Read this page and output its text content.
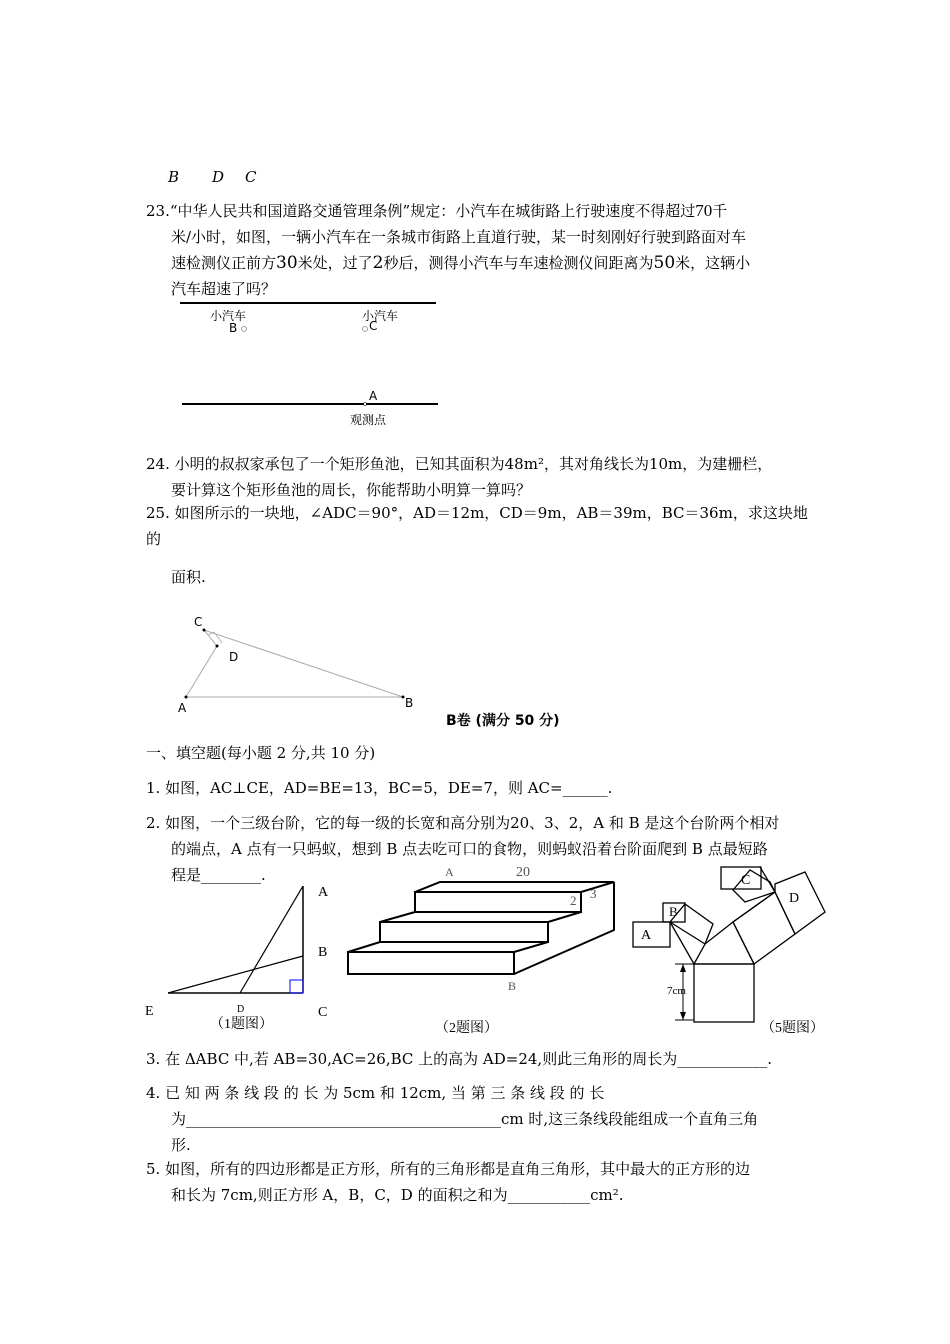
B D C
23.“中华人民共和国道路交通管理条例”规定：小汽车在城街路上行驶速度不得超过70千
米/小时，如图，一辆小汽车在一条城市街路上直道行驶，某一时刻刚好行驶到路面对车
速检测仪正前方30米处，过了2秒后，测得小汽车与车速检测仪间距离为50米，这辆小
汽车超速了吗？
小汽车
B
小汽车
C
A
观测点
24. 小明的叔叔家承包了一个矩形鱼池，已知其面积为48m²，其对角线长为10m，为建栅栏，
要计算这个矩形鱼池的周长，你能帮助小明算一算吗？
25. 如图所示的一块地，∠ADC＝90°，AD＝12m，CD＝9m，AB＝39m，BC＝36m，求这块地的
面积.
C
D
A	B
B卷 (满分 50 分)
一、填空题(每小题 2 分,共 10 分)
1. 如图，AC⊥CE，AD=BE=13，BC=5，DE=7，则 AC=______.
2. 如图，一个三级台阶，它的每一级的长宽和高分别为20、3、2，A 和 B 是这个台阶两个相对
的端点，A 点有一只蚂蚁，想到 B 点去吃可口的食物，则蚂蚁沿着台阶面爬到 B 点最短路
程是________.
A
B
E	D	C
（1题图）
A	20
3
2
B
（2题图）
A
B
C
D
7cm
（5题图）
3. 在 ΔABC 中,若 AB=30,AC=26,BC 上的高为 AD=24,则此三角形的周长为____________.
4. 已 知 两 条 线 段 的 长 为 5cm 和 12cm, 当 第 三 条 线 段 的 长
为__________________________________________cm 时,这三条线段能组成一个直角三角
形.
5. 如图，所有的四边形都是正方形，所有的三角形都是直角三角形，其中最大的正方形的边
和长为 7cm,则正方形 A，B，C，D 的面积之和为___________cm².
